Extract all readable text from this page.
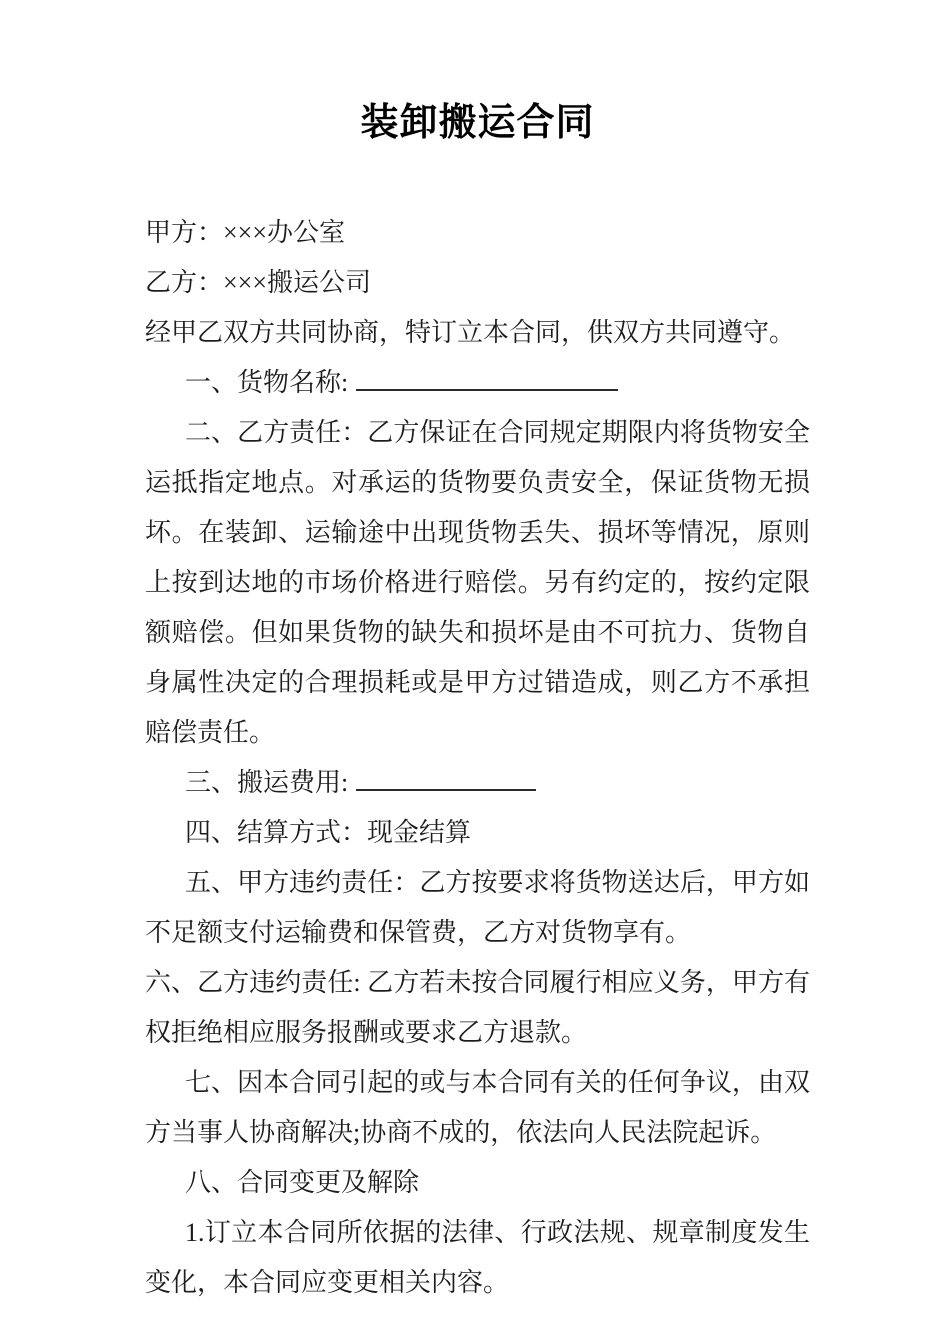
装卸搬运合同

甲方：×××办公室

乙方：×××搬运公司

经甲乙双方共同协商，特订立本合同，供双方共同遵守。

一、货物名称:

二、乙方责任：乙方保证在合同规定期限内将货物安全运抵指定地点。对承运的货物要负责安全，保证货物无损坏。在装卸、运输途中出现货物丢失、损坏等情况，原则上按到达地的市场价格进行赔偿。另有约定的，按约定限额赔偿。但如果货物的缺失和损坏是由不可抗力、货物自身属性决定的合理损耗或是甲方过错造成，则乙方不承担赔偿责任。

三、搬运费用:

四、结算方式：现金结算

五、甲方违约责任：乙方按要求将货物送达后，甲方如不足额支付运输费和保管费，乙方对货物享有。

六、乙方违约责任: 乙方若未按合同履行相应义务，甲方有权拒绝相应服务报酬或要求乙方退款。

七、因本合同引起的或与本合同有关的任何争议，由双方当事人协商解决;协商不成的，依法向人民法院起诉。

八、合同变更及解除

1.订立本合同所依据的法律、行政法规、规章制度发生变化，本合同应变更相关内容。
